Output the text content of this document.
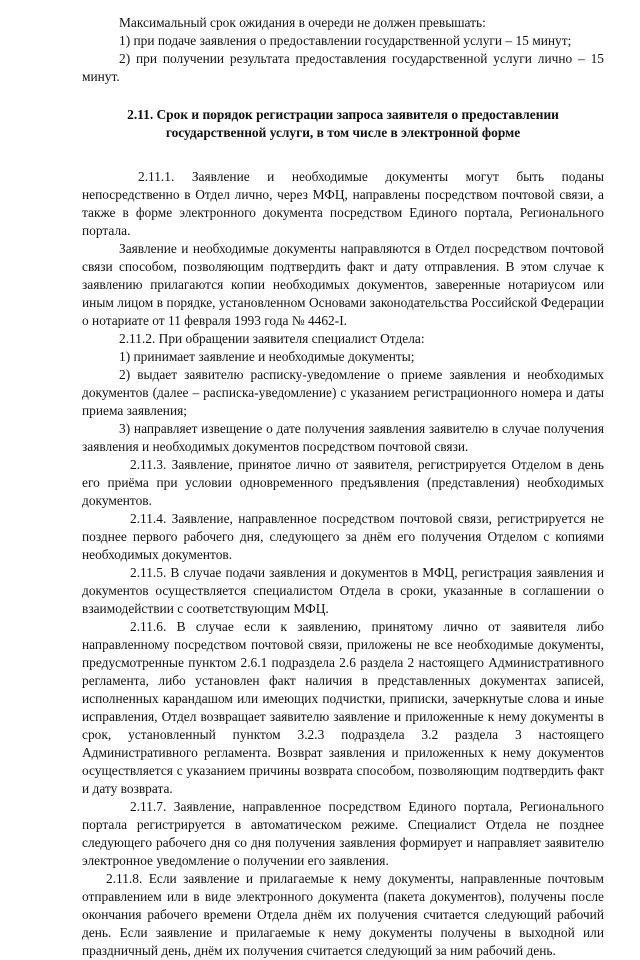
Максимальный срок ожидания в очереди не должен превышать:

1) при подаче заявления о предоставлении государственной услуги – 15 минут;

2) при получении результата предоставления государственной услуги лично – 15 минут.

2.11. Срок и порядок регистрации запроса заявителя о предоставлении государственной услуги, в том числе в электронной форме

2.11.1. Заявление и необходимые документы могут быть поданы непосредственно в Отдел лично, через МФЦ, направлены посредством почтовой связи, а также в форме электронного документа посредством Единого портала, Регионального портала.

Заявление и необходимые документы направляются в Отдел посредством почтовой связи способом, позволяющим подтвердить факт и дату отправления. В этом случае к заявлению прилагаются копии необходимых документов, заверенные нотариусом или иным лицом в порядке, установленном Основами законодательства Российской Федерации о нотариате от 11 февраля 1993 года № 4462-I.

2.11.2. При обращении заявителя специалист Отдела:

1) принимает заявление и необходимые документы;

2) выдает заявителю расписку-уведомление о приеме заявления и необходимых документов (далее – расписка-уведомление) с указанием регистрационного номера и даты приема заявления;

3) направляет извещение о дате получения заявления заявителю в случае получения заявления и необходимых документов посредством почтовой связи.

2.11.3. Заявление, принятое лично от заявителя, регистрируется Отделом в день его приёма при условии одновременного предъявления (представления) необходимых документов.

2.11.4. Заявление, направленное посредством почтовой связи, регистрируется не позднее первого рабочего дня, следующего за днём его получения Отделом с копиями необходимых документов.

2.11.5. В случае подачи заявления и документов в МФЦ, регистрация заявления и документов осуществляется специалистом Отдела в сроки, указанные в соглашении о взаимодействии с соответствующим МФЦ.

2.11.6. В случае если к заявлению, принятому лично от заявителя либо направленному посредством почтовой связи, приложены не все необходимые документы, предусмотренные пунктом 2.6.1 подраздела 2.6 раздела 2 настоящего Административного регламента, либо установлен факт наличия в представленных документах записей, исполненных карандашом или имеющих подчистки, приписки, зачеркнутые слова и иные исправления, Отдел возвращает заявителю заявление и приложенные к нему документы в срок, установленный пунктом 3.2.3 подраздела 3.2 раздела 3 настоящего Административного регламента. Возврат заявления и приложенных к нему документов осуществляется с указанием причины возврата способом, позволяющим подтвердить факт и дату возврата.

2.11.7. Заявление, направленное посредством Единого портала, Регионального портала регистрируется в автоматическом режиме. Специалист Отдела не позднее следующего рабочего дня со дня получения заявления формирует и направляет заявителю электронное уведомление о получении его заявления.

2.11.8. Если заявление и прилагаемые к нему документы, направленные почтовым отправлением или в виде электронного документа (пакета документов), получены после окончания рабочего времени Отдела днём их получения считается следующий рабочий день. Если заявление и прилагаемые к нему документы получены в выходной или праздничный день, днём их получения считается следующий за ним рабочий день.
